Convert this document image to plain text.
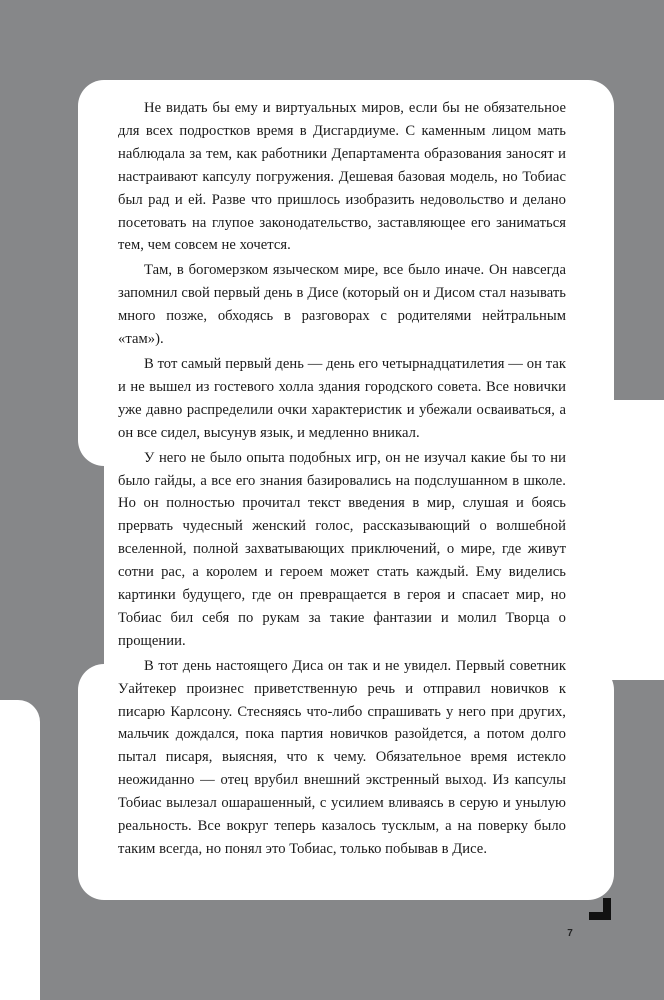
Не видать бы ему и виртуальных миров, если бы не обязательное для всех подростков время в Дисгардиуме. С каменным лицом мать наблюдала за тем, как работники Департамента образования заносят и настраивают капсулу погружения. Дешевая базовая модель, но Тобиас был рад и ей. Разве что пришлось изобразить недовольство и делано посетовать на глупое законодательство, заставляющее его заниматься тем, чем совсем не хочется.

Там, в богомерзком языческом мире, все было иначе. Он навсегда запомнил свой первый день в Дисе (который он и Дисом стал называть много позже, обходясь в разговорах с родителями нейтральным «там»).

В тот самый первый день — день его четырнадцатилетия — он так и не вышел из гостевого холла здания городского совета. Все новички уже давно распределили очки характеристик и убежали осваиваться, а он все сидел, высунув язык, и медленно вникал.

У него не было опыта подобных игр, он не изучал какие бы то ни было гайды, а все его знания базировались на подслушанном в школе. Но он полностью прочитал текст введения в мир, слушая и боясь прервать чудесный женский голос, рассказывающий о волшебной вселенной, полной захватывающих приключений, о мире, где живут сотни рас, а королем и героем может стать каждый. Ему виделись картинки будущего, где он превращается в героя и спасает мир, но Тобиас бил себя по рукам за такие фантазии и молил Творца о прощении.

В тот день настоящего Диса он так и не увидел. Первый советник Уайтекер произнес приветственную речь и отправил новичков к писарю Карлсону. Стесняясь что-либо спрашивать у него при других, мальчик дождался, пока партия новичков разойдется, а потом долго пытал писаря, выясняя, что к чему. Обязательное время истекло неожиданно — отец врубил внешний экстренный выход. Из капсулы Тобиас вылезал ошарашенный, с усилием вливаясь в серую и унылую реальность. Все вокруг теперь казалось тусклым, а на поверку было таким всегда, но понял это Тобиас, только побывав в Дисе.

7
